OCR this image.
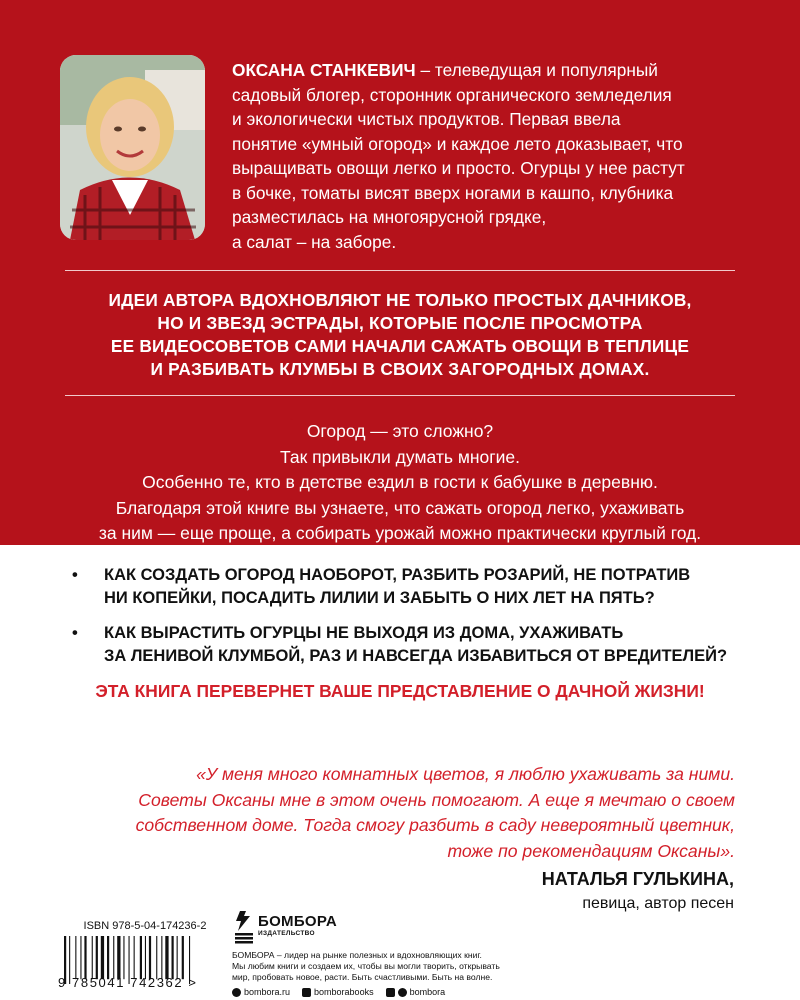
ОКСАНА СТАНКЕВИЧ – телеведущая и популярный
садовый блогер, сторонник органического земледелия
и экологически чистых продуктов. Первая ввела
понятие «умный огород» и каждое лето доказывает, что
выращивать овощи легко и просто. Огурцы у нее растут
в бочке, томаты висят вверх ногами в кашпо, клубника
разместилась на многоярусной грядке,
а салат – на заборе.
ИДЕИ АВТОРА ВДОХНОВЛЯЮТ НЕ ТОЛЬКО ПРОСТЫХ ДАЧНИКОВ,
НО И ЗВЕЗД ЭСТРАДЫ, КОТОРЫЕ ПОСЛЕ ПРОСМОТРА
ЕЕ ВИДЕОСОВЕТОВ САМИ НАЧАЛИ САЖАТЬ ОВОЩИ В ТЕПЛИЦЕ
И РАЗБИВАТЬ КЛУМБЫ В СВОИХ ЗАГОРОДНЫХ ДОМАХ.
Огород — это сложно?
Так привыкли думать многие.
Особенно те, кто в детстве ездил в гости к бабушке в деревню.
Благодаря этой книге вы узнаете, что сажать огород легко, ухаживать
за ним — еще проще, а собирать урожай можно практически круглый год.
• КАК СОЗДАТЬ ОГОРОД НАОБОРОТ, РАЗБИТЬ РОЗАРИЙ, НЕ ПОТРАТИВ
НИ КОПЕЙКИ, ПОСАДИТЬ ЛИЛИИ И ЗАБЫТЬ О НИХ ЛЕТ НА ПЯТЬ?
• КАК ВЫРАСТИТЬ ОГУРЦЫ НЕ ВЫХОДЯ ИЗ ДОМА, УХАЖИВАТЬ
ЗА ЛЕНИВОЙ КЛУМБОЙ, РАЗ И НАВСЕГДА ИЗБАВИТЬСЯ ОТ ВРЕДИТЕЛЕЙ?
ЭТА КНИГА ПЕРЕВЕРНЕТ ВАШЕ ПРЕДСТАВЛЕНИЕ О ДАЧНОЙ ЖИЗНИ!
«У меня много комнатных цветов, я люблю ухаживать за ними.
Советы Оксаны мне в этом очень помогают. А еще я мечтаю о своем
собственном доме. Тогда смогу разбить в саду невероятный цветник,
тоже по рекомендациям Оксаны».
НАТАЛЬЯ ГУЛЬКИНА,
певица, автор песен
ISBN 978-5-04-174236-2
9 785041 742362 >
БОМБОРА
ИЗДАТЕЛЬСТВО
БОМБОРА – лидер на рынке полезных и вдохновляющих книг.
Мы любим книги и создаем их, чтобы вы могли творить, открывать
мир, пробовать новое, расти. Быть счастливыми. Быть на волне.
bombora.ru	bomborabooks	bombora
